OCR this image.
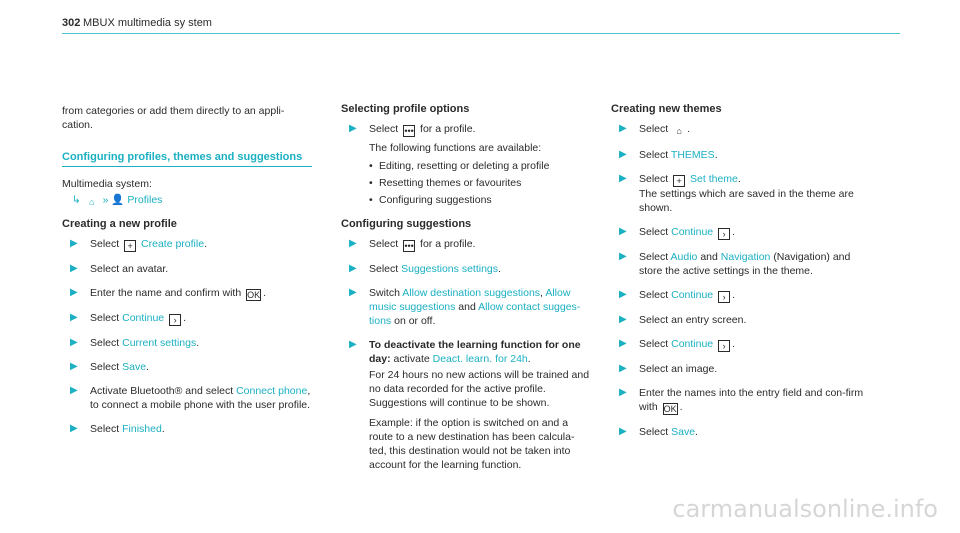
302 MBUX multimedia sy stem
from categories or add them directly to an appli-
cation.
Configuring profiles, themes and suggestions
Multimedia system:
↳ ⌂ » 👤 Profiles
Creating a new profile
▶ Select + Create profile.
▶ Select an avatar.
▶ Enter the name and confirm with OK .
▶ Select Continue › .
▶ Select Current settings.
▶ Select Save.
▶ Activate Bluetooth® and select Connect phone, to connect a mobile phone with the user profile.
▶ Select Finished.
Selecting profile options
▶ Select ••• for a profile.
The following functions are available:
• Editing, resetting or deleting a profile
• Resetting themes or favourites
• Configuring suggestions
Configuring suggestions
▶ Select ••• for a profile.
▶ Select Suggestions settings.
▶ Switch Allow destination suggestions, Allow music suggestions and Allow contact sugges-tions on or off.
▶ To deactivate the learning function for one day: activate Deact. learn. for 24h.
For 24 hours no new actions will be trained and no data recorded for the active profile. Suggestions will continue to be shown.
Example: if the option is switched on and a route to a new destination has been calcula-ted, this destination would not be taken into account for the learning function.
Creating new themes
▶ Select ⌂ .
▶ Select THEMES.
▶ Select + Set theme.
The settings which are saved in the theme are shown.
▶ Select Continue › .
▶ Select Audio and Navigation (Navigation) and store the active settings in the theme.
▶ Select Continue › .
▶ Select an entry screen.
▶ Select Continue › .
▶ Select an image.
▶ Enter the names into the entry field and con-firm with OK .
▶ Select Save.
carmanualsonline.info
